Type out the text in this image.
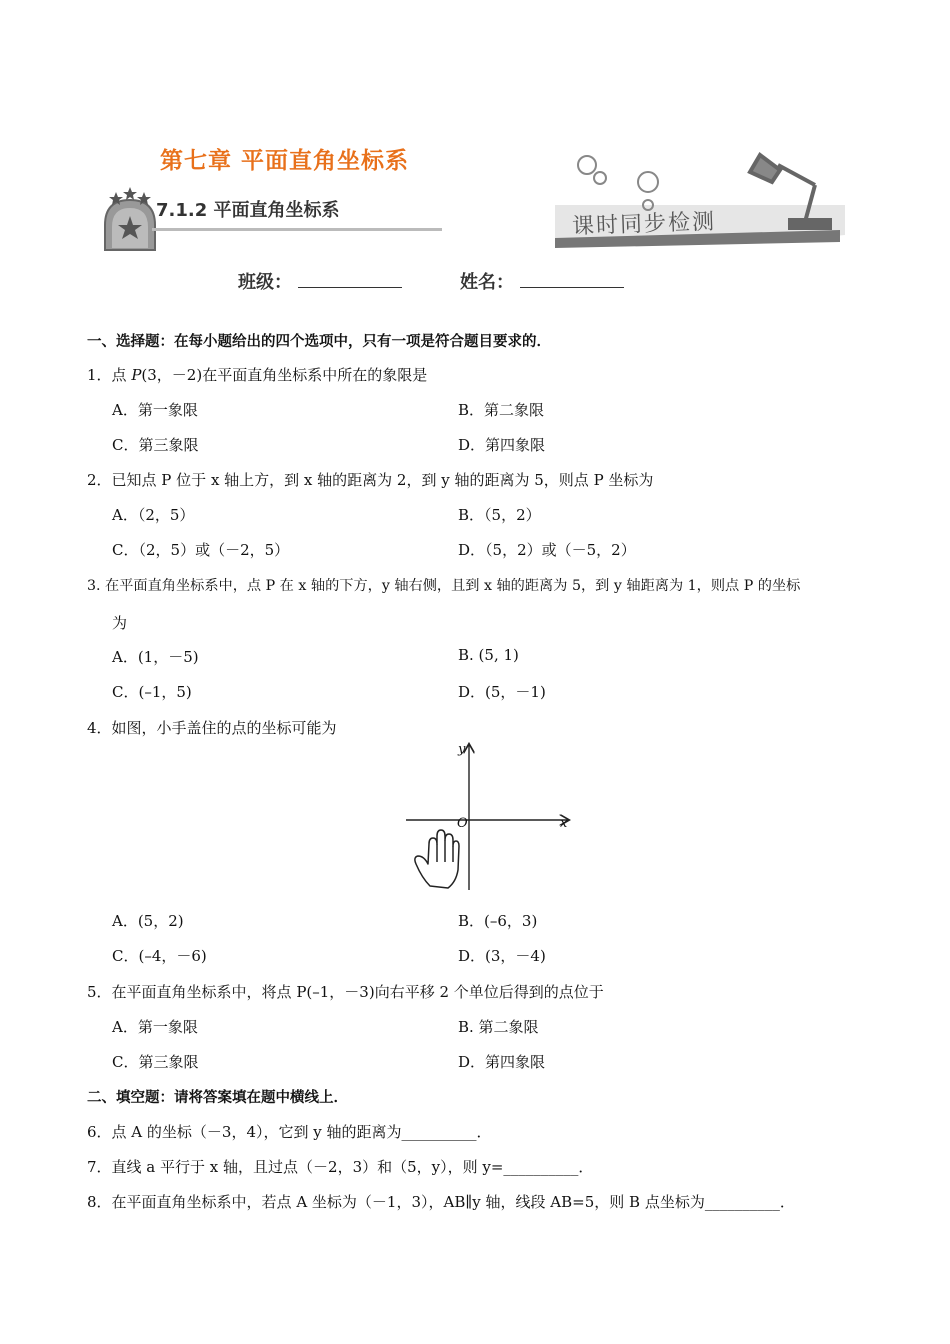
第七章 平面直角坐标系
7.1.2 平面直角坐标系	课时同步检测
班级：	姓名：
一、选择题：在每小题给出的四个选项中，只有一项是符合题目要求的．
1．点 P(3，－2)在平面直角坐标系中所在的象限是
A．第一象限	B．第二象限
C．第三象限	D．第四象限
2．已知点 P 位于 x 轴上方，到 x 轴的距离为 2，到 y 轴的距离为 5，则点 P 坐标为
A．（2，5）	B．（5，2）
C．（2，5）或（－2，5）	D．（5，2）或（－5，2）
3. 在平面直角坐标系中，点 P 在 x 轴的下方，y 轴右侧，且到 x 轴的距离为 5，到 y 轴距离为 1，则点 P 的坐标
为
A．(1，－5)	B. (5, 1)
C．(–1，5)	D．(5，－1)
4．如图，小手盖住的点的坐标可能为
y
x
O
A．(5，2)	B．(–6，3)
C．(–4，－6)	D．(3，－4)
5．在平面直角坐标系中，将点 P(–1，－3)向右平移 2 个单位后得到的点位于
A．第一象限	B. 第二象限
C．第三象限	D．第四象限
二、填空题：请将答案填在题中横线上．
6．点 A 的坐标（－3，4），它到 y 轴的距离为__________．
7．直线 a 平行于 x 轴，且过点（－2，3）和（5，y），则 y=__________．
8．在平面直角坐标系中，若点 A 坐标为（－1，3），AB∥y 轴，线段 AB=5，则 B 点坐标为__________．
